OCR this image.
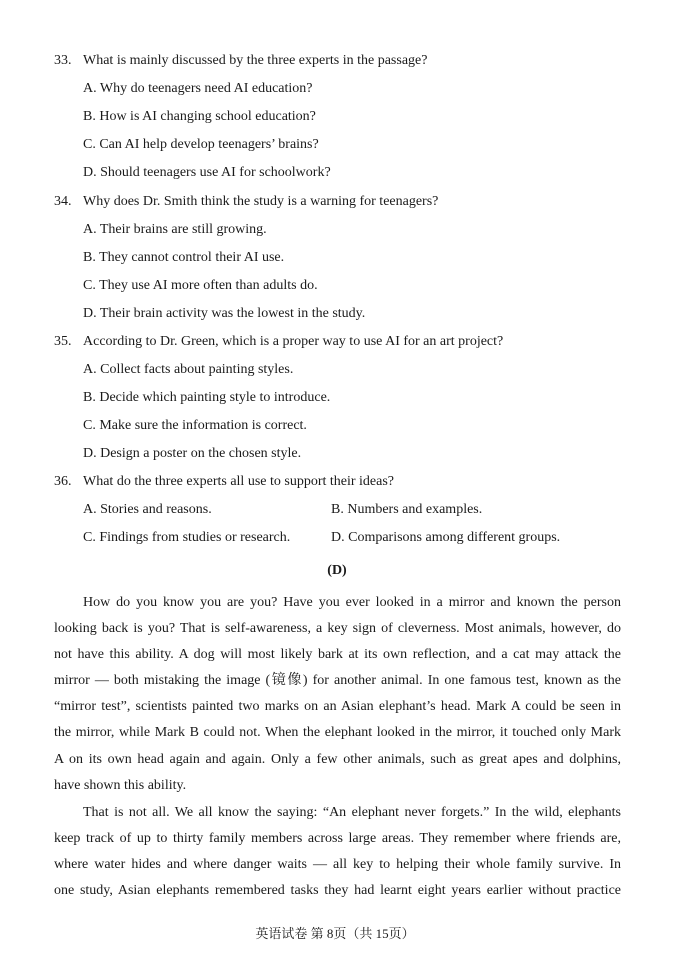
33. What is mainly discussed by the three experts in the passage?
A. Why do teenagers need AI education?
B. How is AI changing school education?
C. Can AI help develop teenagers’ brains?
D. Should teenagers use AI for schoolwork?
34. Why does Dr. Smith think the study is a warning for teenagers?
A. Their brains are still growing.
B. They cannot control their AI use.
C. They use AI more often than adults do.
D. Their brain activity was the lowest in the study.
35. According to Dr. Green, which is a proper way to use AI for an art project?
A. Collect facts about painting styles.
B. Decide which painting style to introduce.
C. Make sure the information is correct.
D. Design a poster on the chosen style.
36. What do the three experts all use to support their ideas?
A. Stories and reasons.	B. Numbers and examples.
C. Findings from studies or research.	D. Comparisons among different groups.
(D)
How do you know you are you? Have you ever looked in a mirror and known the person
looking back is you? That is self-awareness, a key sign of cleverness. Most animals, however, do
not have this ability. A dog will most likely bark at its own reflection, and a cat may attack the
mirror — both mistaking the image (镜像) for another animal. In one famous test, known as the
“mirror test”, scientists painted two marks on an Asian elephant’s head. Mark A could be seen in
the mirror, while Mark B could not. When the elephant looked in the mirror, it touched only Mark
A on its own head again and again. Only a few other animals, such as great apes and dolphins,
have shown this ability.
That is not all. We all know the saying: “An elephant never forgets.” In the wild, elephants
keep track of up to thirty family members across large areas. They remember where friends are,
where water hides and where danger waits — all key to helping their whole family survive. In
one study, Asian elephants remembered tasks they had learnt eight years earlier without practice
英语试卷 第 8页（共 15页）
